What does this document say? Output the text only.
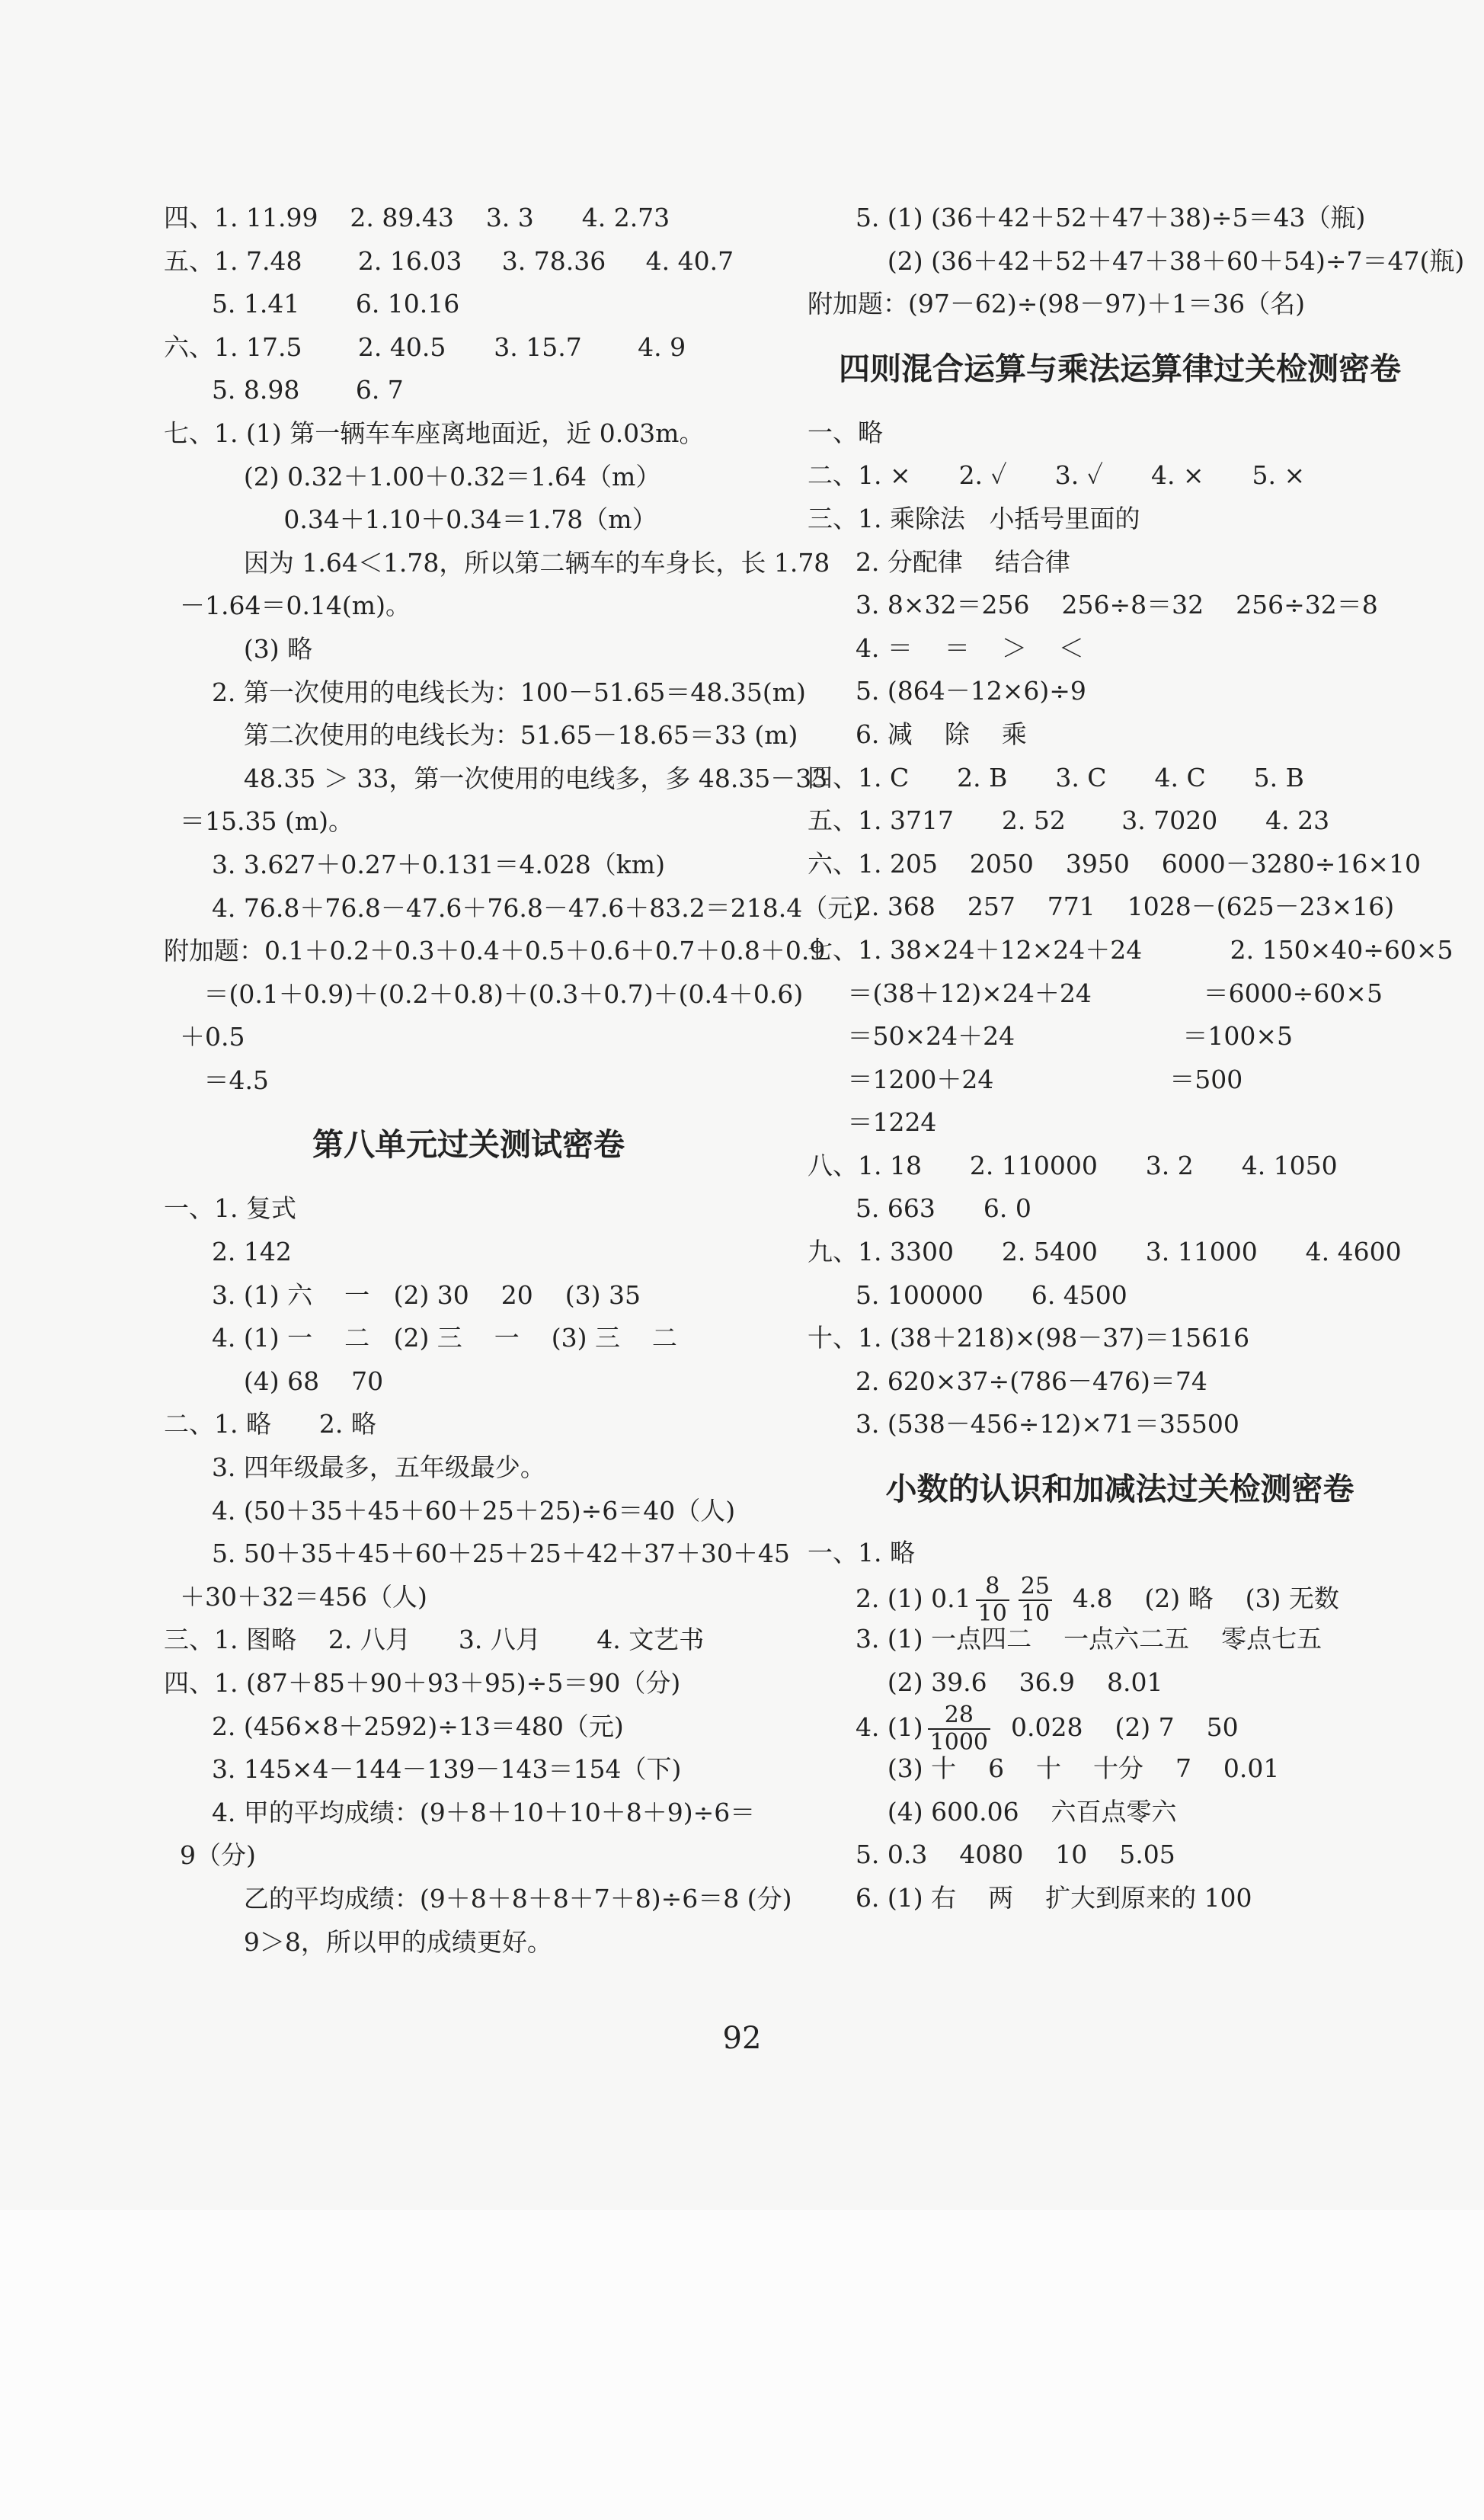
四、1. 11.99    2. 89.43    3. 3      4. 2.73
五、1. 7.48       2. 16.03     3. 78.36     4. 40.7
5. 1.41       6. 10.16
六、1. 17.5       2. 40.5      3. 15.7       4. 9
5. 8.98       6. 7
七、1. (1) 第一辆车车座离地面近，近 0.03m。
(2) 0.32＋1.00＋0.32＝1.64（m）
0.34＋1.10＋0.34＝1.78（m）
因为 1.64＜1.78，所以第二辆车的车身长，长 1.78
－1.64＝0.14(m)。
(3) 略
2. 第一次使用的电线长为：100－51.65＝48.35(m)
第二次使用的电线长为：51.65－18.65＝33 (m)
48.35 ＞ 33，第一次使用的电线多，多 48.35－33
＝15.35 (m)。
3. 3.627＋0.27＋0.131＝4.028（km)
4. 76.8＋76.8－47.6＋76.8－47.6＋83.2＝218.4（元)
附加题：0.1＋0.2＋0.3＋0.4＋0.5＋0.6＋0.7＋0.8＋0.9
＝(0.1＋0.9)＋(0.2＋0.8)＋(0.3＋0.7)＋(0.4＋0.6)
＋0.5
＝4.5
第八单元过关测试密卷
一、1. 复式
2. 142
3. (1) 六    一   (2) 30    20    (3) 35
4. (1) 一    二   (2) 三    一    (3) 三    二
(4) 68    70
二、1. 略      2. 略
3. 四年级最多，五年级最少。
4. (50＋35＋45＋60＋25＋25)÷6＝40（人)
5. 50＋35＋45＋60＋25＋25＋42＋37＋30＋45
＋30＋32＝456（人)
三、1. 图略    2. 八月      3. 八月       4. 文艺书
四、1. (87＋85＋90＋93＋95)÷5＝90（分)
2. (456×8＋2592)÷13＝480（元)
3. 145×4－144－139－143＝154（下)
4. 甲的平均成绩：(9＋8＋10＋10＋8＋9)÷6＝
9（分)
乙的平均成绩：(9＋8＋8＋8＋7＋8)÷6＝8 (分)
9＞8，所以甲的成绩更好。
5. (1) (36＋42＋52＋47＋38)÷5＝43（瓶)
(2) (36＋42＋52＋47＋38＋60＋54)÷7＝47(瓶)
附加题：(97－62)÷(98－97)＋1＝36（名)
四则混合运算与乘法运算律过关检测密卷
一、略
二、1. ×      2. ✓      3. ✓      4. ×      5. ×
三、1. 乘除法   小括号里面的
2. 分配律    结合律
3. 8×32＝256    256÷8＝32    256÷32＝8
4. ＝    ＝    ＞    ＜
5. (864－12×6)÷9
6. 减    除    乘
四、1. C      2. B      3. C      4. C      5. B
五、1. 3717      2. 52       3. 7020      4. 23
六、1. 205    2050    3950    6000－3280÷16×10
2. 368    257    771    1028－(625－23×16)
七、1. 38×24＋12×24＋24           2. 150×40÷60×5
＝(38＋12)×24＋24              ＝6000÷60×5
＝50×24＋24                     ＝100×5
＝1200＋24                      ＝500
＝1224
八、1. 18      2. 110000      3. 2      4. 1050
5. 663      6. 0
九、1. 3300      2. 5400      3. 11000      4. 4600
5. 100000      6. 4500
十、1. (38＋218)×(98－37)＝15616
2. 620×37÷(786－476)＝74
3. (538－456÷12)×71＝35500
小数的认识和加减法过关检测密卷
一、1. 略
2. (1) $0.1 \frac{8}{10} \frac{25}{10} 4.8$    (2) 略    (3) 无数
3. (1) 一点四二    一点六二五    零点七五
(2) 39.6    36.9    8.01
4. $(1) \frac{28}{1000} 0.028$    (2) 7    50
(3) 十    6    十    十分    7    0.01
(4) 600.06    六百点零六
5. 0.3    4080    10    5.05
6. (1) 右    两    扩大到原来的 100
92
